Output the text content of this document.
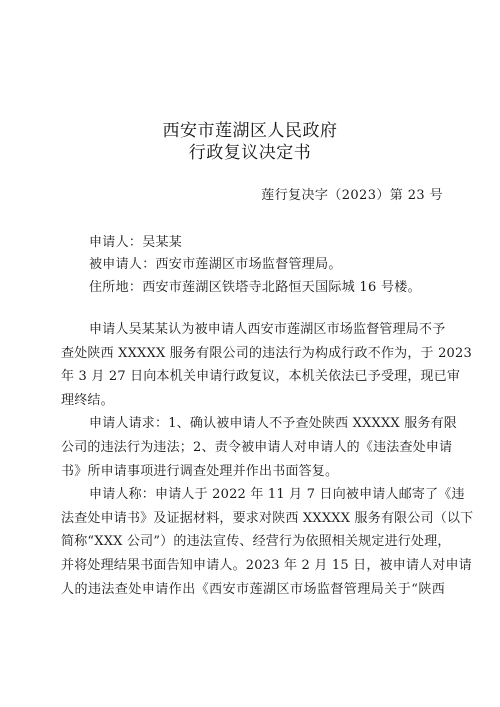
西安市莲湖区人民政府
行政复议决定书
莲行复决字（2023）第 23 号
申请人：吴某某
被申请人：西安市莲湖区市场监督管理局。
住所地：西安市莲湖区铁塔寺北路恒天国际城 16 号楼。
申请人吴某某认为被申请人西安市莲湖区市场监督管理局不予
查处陕西 XXXXX 服务有限公司的违法行为构成行政不作为，于 2023
年 3 月 27 日向本机关申请行政复议，本机关依法已予受理，现已审
理终结。
申请人请求：1、确认被申请人不予查处陕西 XXXXX 服务有限
公司的违法行为违法；2、责令被申请人对申请人的《违法查处申请
书》所申请事项进行调查处理并作出书面答复。
申请人称：申请人于 2022 年 11 月 7 日向被申请人邮寄了《违
法查处申请书》及证据材料，要求对陕西 XXXXX 服务有限公司（以下
简称“XXX 公司”）的违法宣传、经营行为依照相关规定进行处理，
并将处理结果书面告知申请人。2023 年 2 月 15 日，被申请人对申请
人的违法查处申请作出《西安市莲湖区市场监督管理局关于“陕西
